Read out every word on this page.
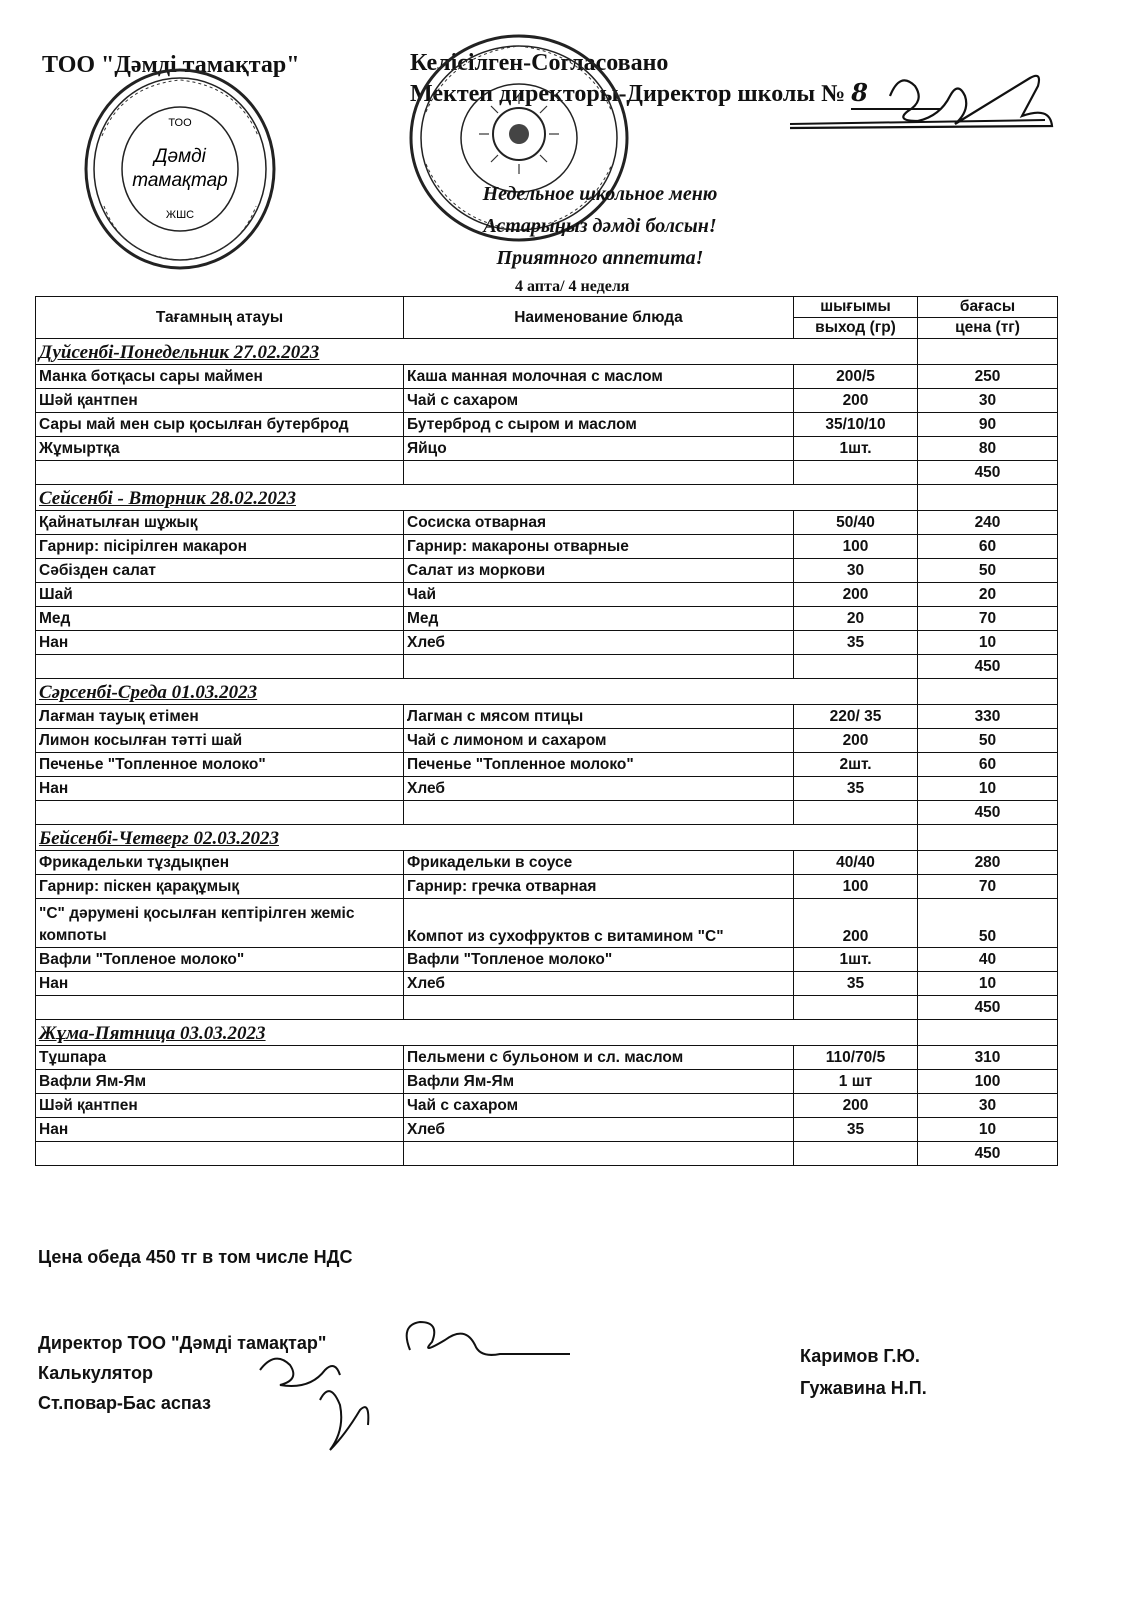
ТОО "Дәмді тамақтар"	Келісілген-Согласовано
Мектеп директоры-Директор школы № 8
ТОО
Дәмді
тамақтар
ЖШС
Недельное школьное меню
Астарыңыз дәмді болсын!
Приятного аппетита!
4 апта/ 4 неделя
Тағамның атауы	Наименование блюда	шығымы	бағасы
		выход (гр)	цена (тг)
Дуйсенбі-Понедельник 27.02.2023			
Манка ботқасы сары маймен	Каша манная молочная с маслом	200/5	250
Шәй қантпен	Чай с сахаром	200	30
Сары май мен сыр қосылған бутерброд	Бутерброд с сыром и маслом	35/10/10	90
Жұмыртқа	Яйцо	1шт.	80
			450
Сейсенбі - Вторник 28.02.2023			
Қайнатылған шұжық	Сосиска отварная	50/40	240
Гарнир: пісірілген макарон	Гарнир: макароны отварные	100	60
Сәбізден салат	Салат из моркови	30	50
Шай	Чай	200	20
Мед	Мед	20	70
Нан	Хлеб	35	10
			450
Сәрсенбі-Среда 01.03.2023			
Лағман тауық етімен	Лагман с мясом птицы	220/ 35	330
Лимон косылған тәтті шай	Чай с лимоном и сахаром	200	50
Печенье "Топленное молоко"	Печенье "Топленное молоко"	2шт.	60
Нан	Хлеб	35	10
			450
Бейсенбі-Четверг 02.03.2023			
Фрикадельки тұздықпен	Фрикадельки в соусе	40/40	280
Гарнир: піскен қарақұмық	Гарнир: гречка отварная	100	70
"С" дәрумені қосылған кептірілген жеміс компоты	Компот из сухофруктов с витамином "С"	200	50
Вафли "Топленое молоко"	Вафли "Топленое молоко"	1шт.	40
Нан	Хлеб	35	10
			450
Жұма-Пятница 03.03.2023			
Тұшпара	Пельмени с бульоном и сл. маслом	110/70/5	310
Вафли Ям-Ям	Вафли Ям-Ям	1 шт	100
Шәй қантпен	Чай с сахаром	200	30
Нан	Хлеб	35	10
			450
Цена обеда 450 тг в том числе НДС
Директор ТОО "Дәмді тамақтар"
Калькулятор
Ст.повар-Бас аспаз
Каримов Г.Ю.
Гужавина Н.П.
